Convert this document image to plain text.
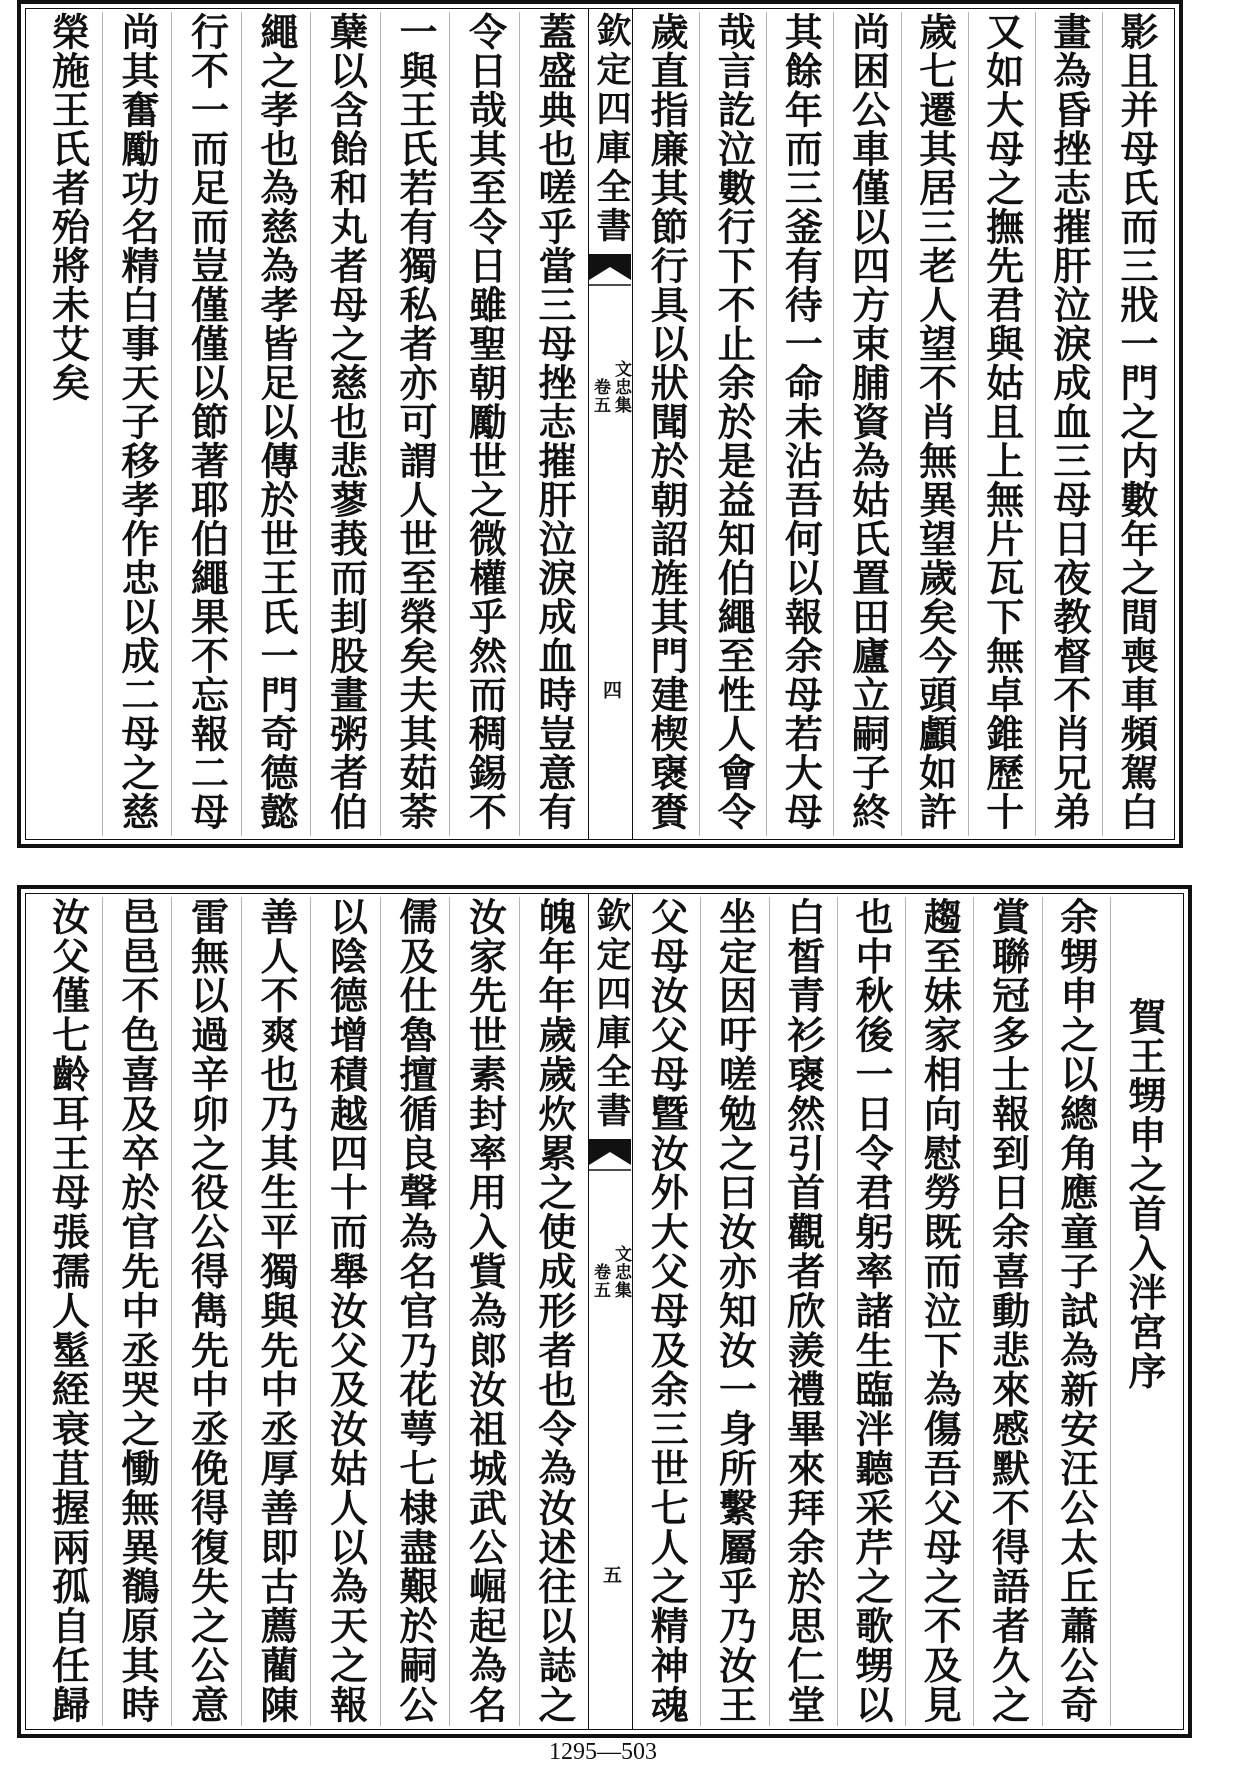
影且并母氏而三戕一門之内數年之間喪車頻駕白
畫為昏挫志摧肝泣淚成血三母日夜教督不肖兄弟
又如大母之撫先君與姑且上無片瓦下無卓錐歷十
歲七遷其居三老人望不肖無異望歲矣今頭顱如許
尚困公車僅以四方束脯資為姑氏置田廬立嗣子終
其餘年而三釜有待一命未沾吾何以報余母若大母
哉言訖泣數行下不止余於是益知伯繩至性人會令
歲直指廉其節行具以狀聞於朝詔旌其門建楔襃賚
欽定四庫全書
文忠集
卷五
四
蓋盛典也嗟乎當三母挫志摧肝泣淚成血時豈意有
令日哉其至令日雖聖朝勵世之微權乎然而稠錫不
一與王氏若有獨私者亦可謂人世至榮矣夫其茹荼
蘖以含飴和丸者母之慈也悲蓼莪而刲股畫粥者伯
繩之孝也為慈為孝皆足以傳於世王氏一門奇德懿
行不一而足而豈僅僅以節著耶伯繩果不忘報二母
尚其奮勵功名精白事天子移孝作忠以成二母之慈
榮施王氏者殆將未艾矣
賀王甥申之首入泮宮序
余甥申之以總角應童子試為新安汪公太丘蕭公奇
賞聯冠多士報到日余喜動悲來慼默不得語者久之
趨至妹家相向慰勞既而泣下為傷吾父母之不及見
也中秋後一日令君躬率諸生臨泮聽采芹之歌甥以
白皙青衫襃然引首觀者欣羨禮畢來拜余於思仁堂
坐定因吁嗟勉之曰汝亦知汝一身所繫屬乎乃汝王
父母汝父母曁汝外大父母及余三世七人之精神魂
欽定四庫全書
文忠集
卷五
五
魄年年歲歲炊累之使成形者也令為汝述往以誌之
汝家先世素封率用入貲為郎汝祖城武公崛起為名
儒及仕魯擅循良聲為名官乃花萼七棣盡艱於嗣公
以陰德增積越四十而舉汝父及汝姑人以為天之報
善人不爽也乃其生平獨與先中丞厚善即古薦藺陳
雷無以過辛卯之役公得雋先中丞俛得復失之公意
邑邑不色喜及卒於官先中丞哭之慟無異鶺原其時
汝父僅七齡耳王母張孺人髽絰衰苴握兩孤自任歸
1295—503
